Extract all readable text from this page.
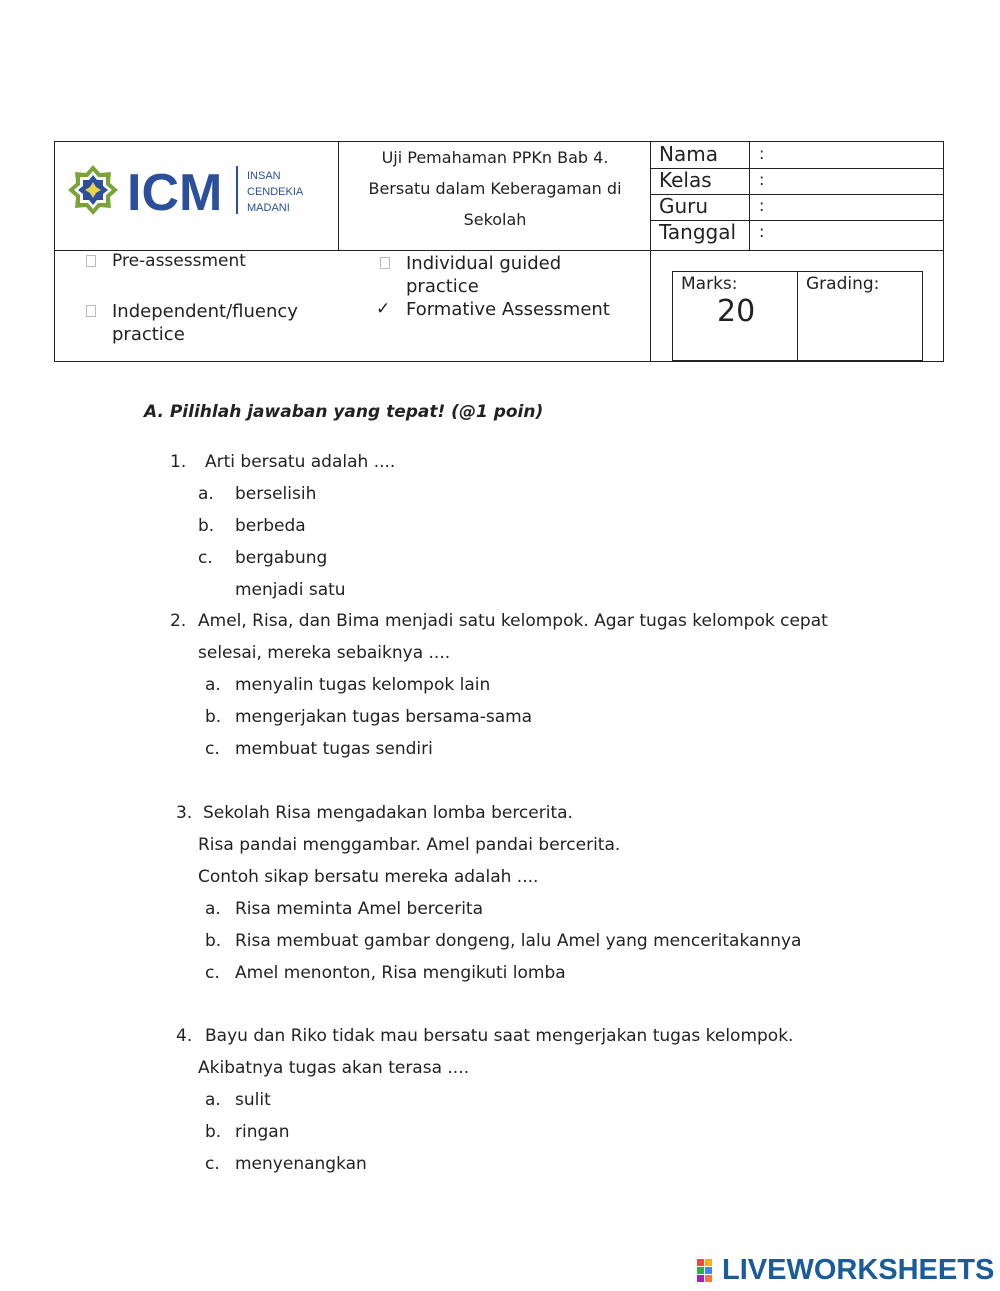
ICM INSAN
CENDEKIA
MADANI
Uji Pemahaman PPKn Bab 4.
Bersatu dalam Keberagaman di
Sekolah
Nama	:
Kelas	:
Guru	:
Tanggal :
Pre-assessment
Independent/fluency
practice
Individual guided
practice
✓ Formative Assessment
Marks:
20
Grading:
A. Pilihlah jawaban yang tepat! (@1 poin)
1. Arti bersatu adalah ....
a. berselisih
b. berbeda
c. bergabung menjadi satu
2. Amel, Risa, dan Bima menjadi satu kelompok. Agar tugas kelompok cepat
selesai, mereka sebaiknya ....
a. menyalin tugas kelompok lain
b. mengerjakan tugas bersama-sama
c. membuat tugas sendiri
3. Sekolah Risa mengadakan lomba bercerita.
Risa pandai menggambar. Amel pandai bercerita.
Contoh sikap bersatu mereka adalah ....
a. Risa meminta Amel bercerita
b. Risa membuat gambar dongeng, lalu Amel yang menceritakannya
c. Amel menonton, Risa mengikuti lomba
4. Bayu dan Riko tidak mau bersatu saat mengerjakan tugas kelompok.
Akibatnya tugas akan terasa ....
a. sulit
b. ringan
c. menyenangkan
LIVEWORKSHEETS
